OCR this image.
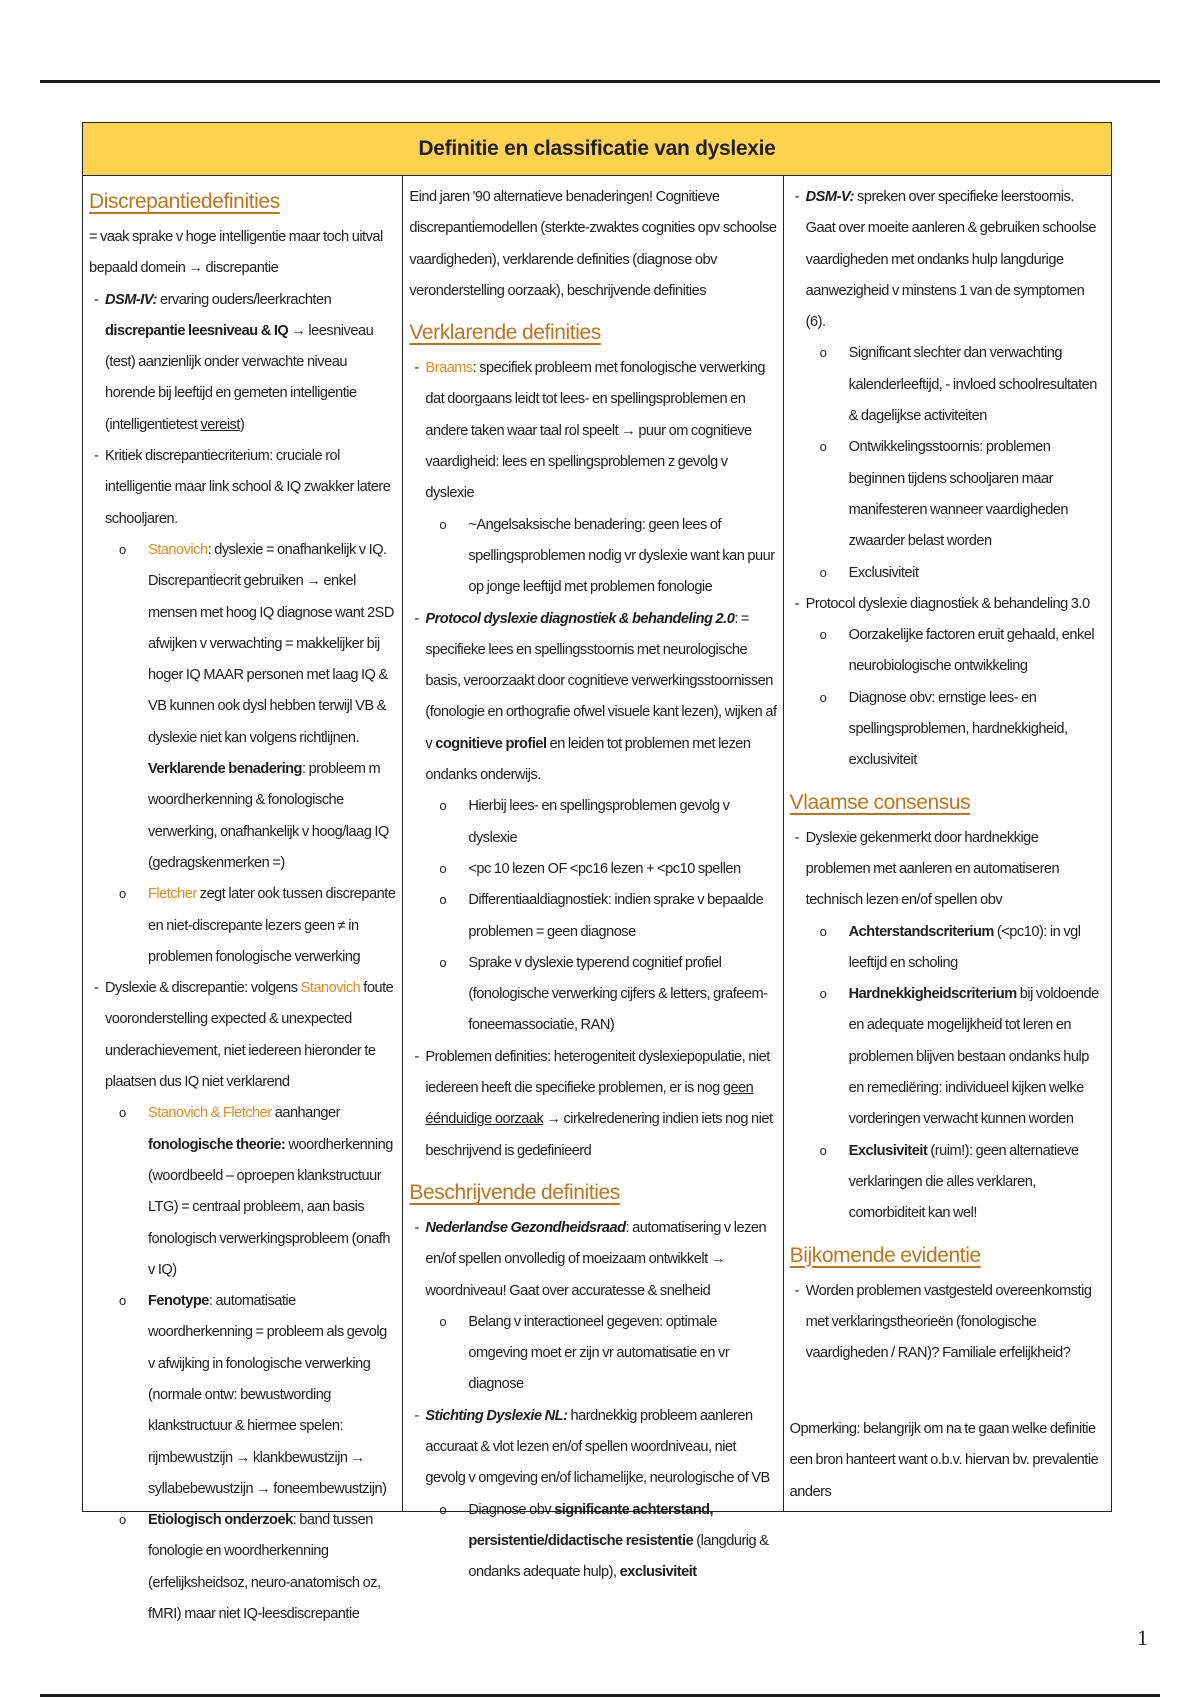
Definitie en classificatie van dyslexie
Discrepantiedefinities

= vaak sprake v hoge intelligentie maar toch uitval bepaald domein → discrepantie

- DSM-IV: ervaring ouders/leerkrachten discrepantie leesniveau & IQ → leesniveau (test) aanzienlijk onder verwachte niveau horende bij leeftijd en gemeten intelligentie (intelligentietest vereist)
- Kritiek discrepantiecriterium: cruciale rol intelligentie maar link school & IQ zwakker latere schooljaren.
o Stanovich: dyslexie = onafhankelijk v IQ. Discrepantiecrit gebruiken → enkel mensen met hoog IQ diagnose want 2SD afwijken v verwachting = makkelijker bij hoger IQ MAAR personen met laag IQ & VB kunnen ook dysl hebben terwijl VB & dyslexie niet kan volgens richtlijnen. Verklarende benadering: probleem m woordherkenning & fonologische verwerking, onafhankelijk v hoog/laag IQ (gedragskenmerken =)
o Fletcher zegt later ook tussen discrepante en niet-discrepante lezers geen ≠ in problemen fonologische verwerking
- Dyslexie & discrepantie: volgens Stanovich foute vooronderstelling expected & unexpected underachievement, niet iedereen hieronder te plaatsen dus IQ niet verklarend
o Stanovich & Fletcher aanhanger fonologische theorie: woordherkenning (woordbeeld – oproepen klankstructuur LTG) = centraal probleem, aan basis fonologisch verwerkingsprobleem (onafh v IQ)
o Fenotype: automatisatie woordherkenning = probleem als gevolg v afwijking in fonologische verwerking (normale ontw: bewustwording klankstructuur & hiermee spelen: rijmbewustzijn → klankbewustzijn → syllabebewustzijn → foneembewustzijn)
o Etiologisch onderzoek: band tussen fonologie en woordherkenning (erfelijksheidsoz, neuro-anatomisch oz, fMRI) maar niet IQ-leesdiscrepantie

Eind jaren '90 alternatieve benaderingen! Cognitieve discrepantiemodellen (sterkte-zwaktes cognities opv schoolse vaardigheden), verklarende definities (diagnose obv veronderstelling oorzaak), beschrijvende definities

Verklarende definities
- Braams: specifiek probleem met fonologische verwerking dat doorgaans leidt tot lees- en spellingsproblemen en andere taken waar taal rol speelt → puur om cognitieve vaardigheid: lees en spellingsproblemen z gevolg v dyslexie
o ~Angelsaksische benadering: geen lees of spellingsproblemen nodig vr dyslexie want kan puur op jonge leeftijd met problemen fonologie
- Protocol dyslexie diagnostiek & behandeling 2.0: = specifieke lees en spellingsstoornis met neurologische basis, veroorzaakt door cognitieve verwerkingsstoornissen (fonologie en orthografie ofwel visuele kant lezen), wijken af v cognitieve profiel en leiden tot problemen met lezen ondanks onderwijs.
o Hierbij lees- en spellingsproblemen gevolg v dyslexie
o <pc 10 lezen OF <pc16 lezen + <pc10 spellen
o Differentiaaldiagnostiek: indien sprake v bepaalde problemen = geen diagnose
o Sprake v dyslexie typerend cognitief profiel (fonologische verwerking cijfers & letters, grafeem-foneemassociatie, RAN)
- Problemen definities: heterogeniteit dyslexiepopulatie, niet iedereen heeft die specifieke problemen, er is nog geen éénduidige oorzaak → cirkelredenering indien iets nog niet beschrijvend is gedefinieerd
Beschrijvende definities
- Nederlandse Gezondheidsraad: automatisering v lezen en/of spellen onvolledig of moeizaam ontwikkelt → woordniveau! Gaat over accuratesse & snelheid
o Belang v interactioneel gegeven: optimale omgeving moet er zijn vr automatisatie en vr diagnose
- Stichting Dyslexie NL: hardnekkig probleem aanleren accuraat & vlot lezen en/of spellen woordniveau, niet gevolg v omgeving en/of lichamelijke, neurologische of VB
o Diagnose obv significante achterstand, persistentie/didactische resistentie (langdurig & ondanks adequate hulp), exclusiviteit
- DSM-V: spreken over specifieke leerstoornis. Gaat over moeite aanleren & gebruiken schoolse vaardigheden met ondanks hulp langdurige aanwezigheid v minstens 1 van de symptomen (6).
o Significant slechter dan verwachting kalenderleeftijd, - invloed schoolresultaten & dagelijkse activiteiten
o Ontwikkelingsstoornis: problemen beginnen tijdens schooljaren maar manifesteren wanneer vaardigheden zwaarder belast worden
o Exclusiviteit
- Protocol dyslexie diagnostiek & behandeling 3.0
o Oorzakelijke factoren eruit gehaald, enkel neurobiologische ontwikkeling
o Diagnose obv: ernstige lees- en spellingsproblemen, hardnekkigheid, exclusiviteit
Vlaamse consensus
- Dyslexie gekenmerkt door hardnekkige problemen met aanleren en automatiseren technisch lezen en/of spellen obv
o Achterstandscriterium (<pc10): in vgl leeftijd en scholing
o Hardnekkigheidscriterium bij voldoende en adequate mogelijkheid tot leren en problemen blijven bestaan ondanks hulp en remediëring: individueel kijken welke vorderingen verwacht kunnen worden
o Exclusiviteit (ruim!): geen alternatieve verklaringen die alles verklaren, comorbiditeit kan wel!
Bijkomende evidentie
- Worden problemen vastgesteld overeenkomstig met verklaringstheorieën (fonologische vaardigheden / RAN)? Familiale erfelijkheid?

Opmerking: belangrijk om na te gaan welke definitie een bron hanteert want o.b.v. hiervan bv. prevalentie anders

1
